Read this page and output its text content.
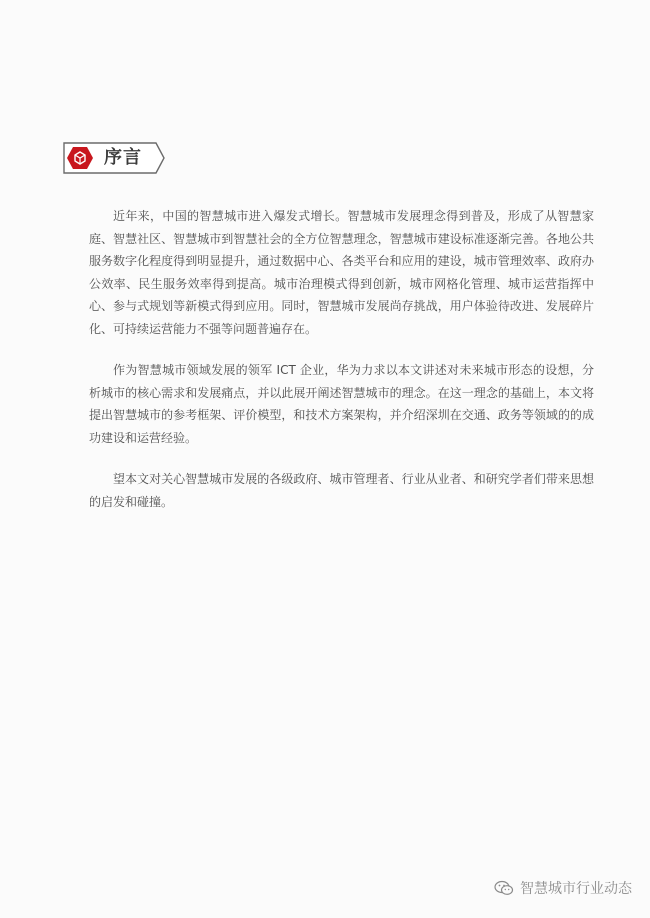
序言

近年来，中国的智慧城市进入爆发式增长。智慧城市发展理念得到普及，形成了从智慧家庭、智慧社区、智慧城市到智慧社会的全方位智慧理念，智慧城市建设标准逐渐完善。各地公共服务数字化程度得到明显提升，通过数据中心、各类平台和应用的建设，城市管理效率、政府办公效率、民生服务效率得到提高。城市治理模式得到创新，城市网格化管理、城市运营指挥中心、参与式规划等新模式得到应用。同时，智慧城市发展尚存挑战，用户体验待改进、发展碎片化、可持续运营能力不强等问题普遍存在。

作为智慧城市领域发展的领军 ICT 企业，华为力求以本文讲述对未来城市形态的设想，分析城市的核心需求和发展痛点，并以此展开阐述智慧城市的理念。在这一理念的基础上，本文将提出智慧城市的参考框架、评价模型，和技术方案架构，并介绍深圳在交通、政务等领域的的成功建设和运营经验。

望本文对关心智慧城市发展的各级政府、城市管理者、行业从业者、和研究学者们带来思想的启发和碰撞。

智慧城市行业动态
